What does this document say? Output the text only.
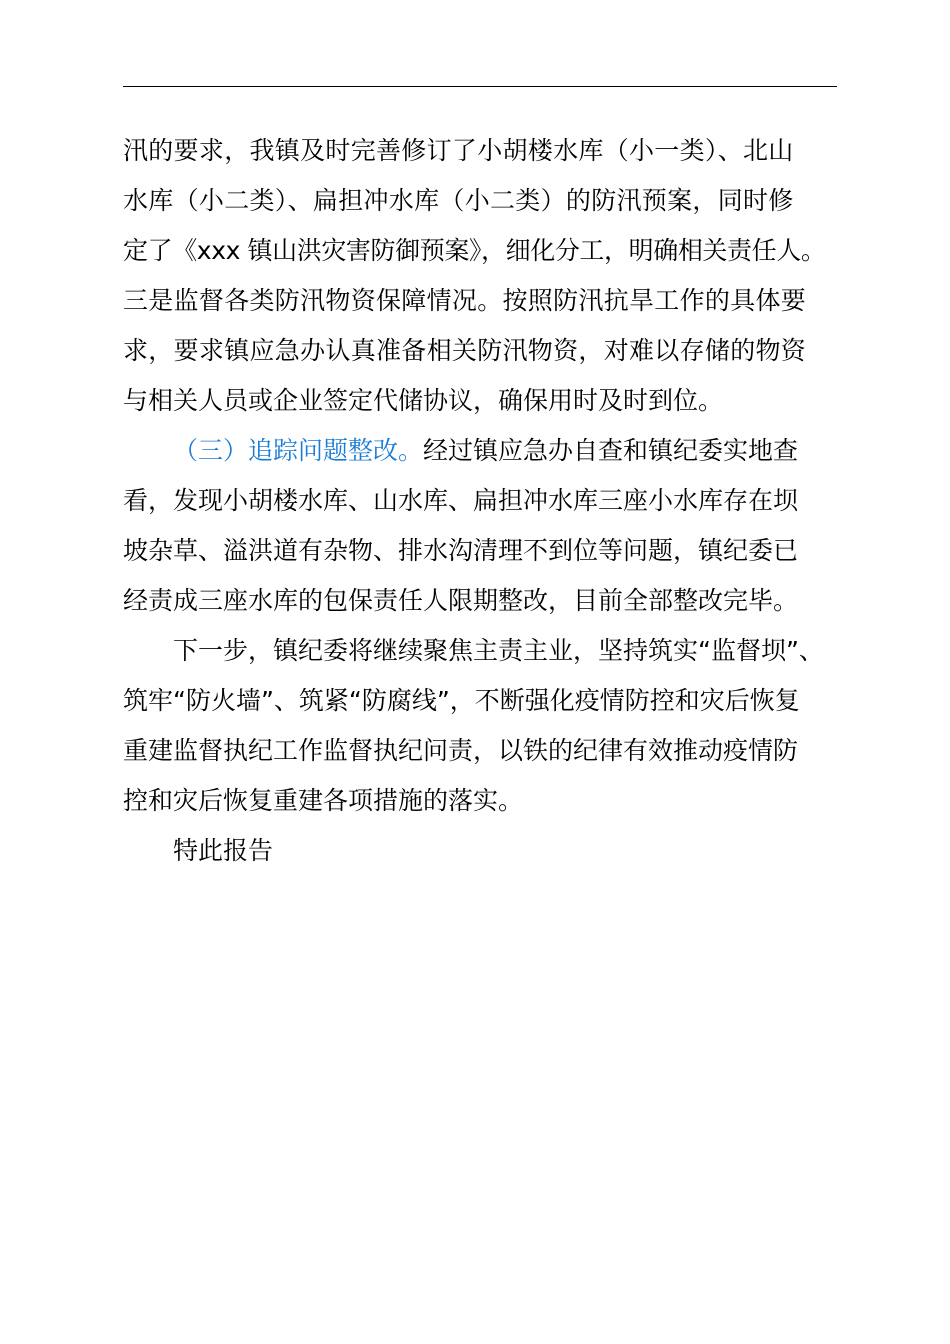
汛的要求，我镇及时完善修订了小胡楼水库（小一类）、北山
水库（小二类）、扁担冲水库（小二类）的防汛预案，同时修
定了《xxx 镇山洪灾害防御预案》，细化分工，明确相关责任人。
三是监督各类防汛物资保障情况。按照防汛抗旱工作的具体要
求，要求镇应急办认真准备相关防汛物资，对难以存储的物资
与相关人员或企业签定代储协议，确保用时及时到位。
（三）追踪问题整改。经过镇应急办自查和镇纪委实地查
看，发现小胡楼水库、山水库、扁担冲水库三座小水库存在坝
坡杂草、溢洪道有杂物、排水沟清理不到位等问题，镇纪委已
经责成三座水库的包保责任人限期整改，目前全部整改完毕。
下一步，镇纪委将继续聚焦主责主业，坚持筑实“监督坝”、
筑牢“防火墙”、筑紧“防腐线”，不断强化疫情防控和灾后恢复
重建监督执纪工作监督执纪问责，以铁的纪律有效推动疫情防
控和灾后恢复重建各项措施的落实。
特此报告
